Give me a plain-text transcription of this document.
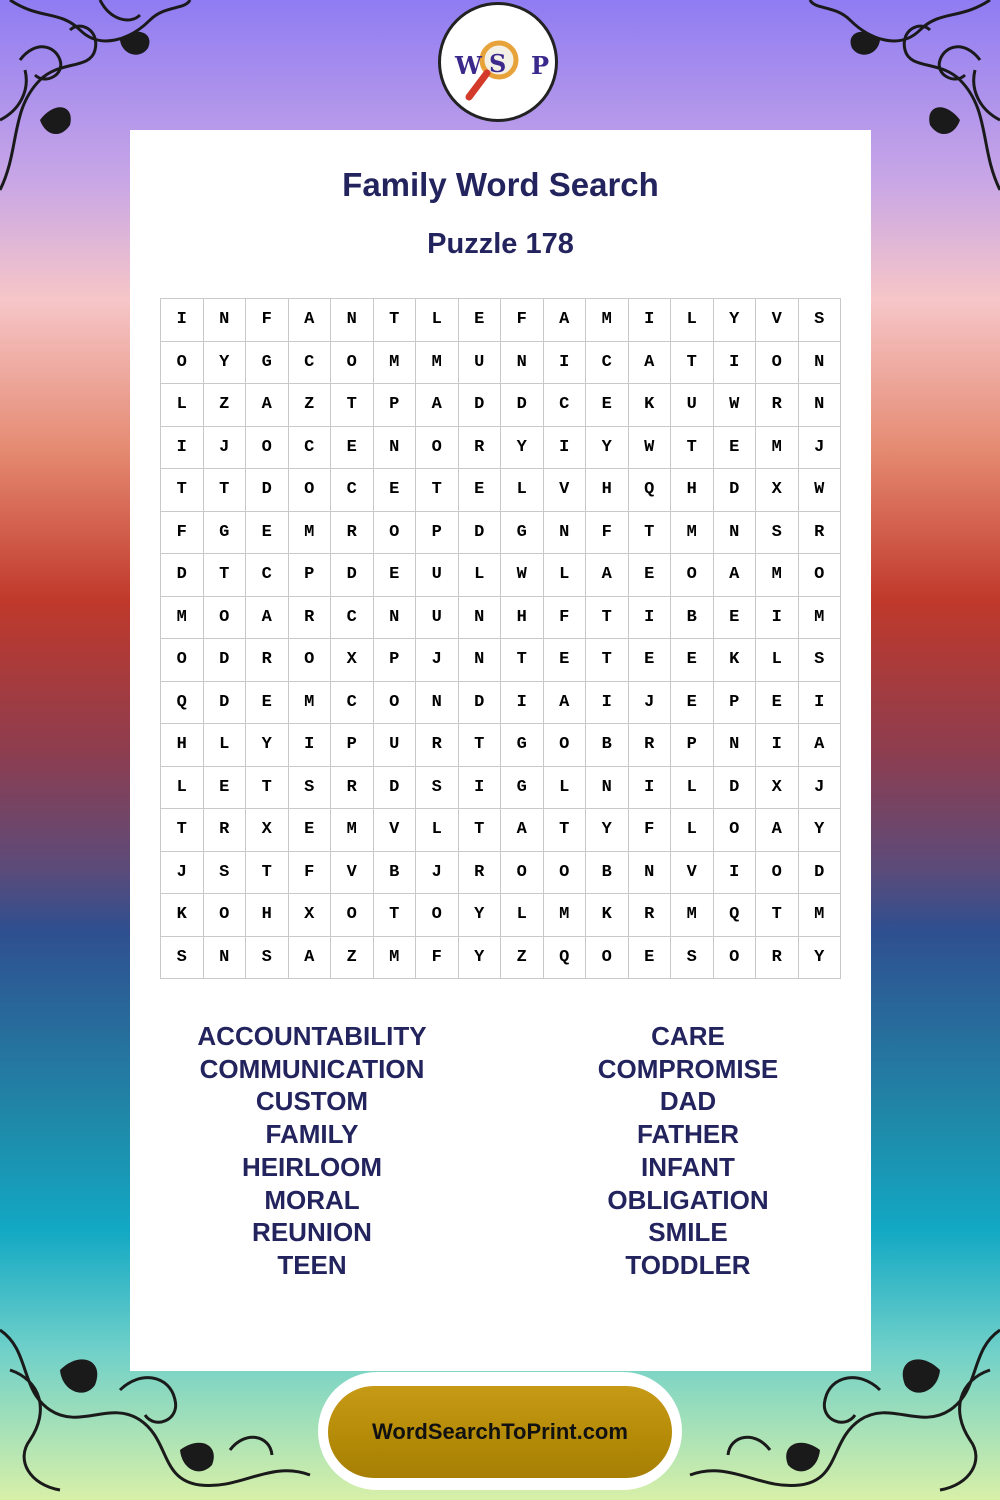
W S P
Family Word Search
Puzzle 178
I	N	F	A	N	T	L	E	F	A	M	I	L	Y	V	S
O	Y	G	C	O	M	M	U	N	I	C	A	T	I	O	N
L	Z	A	Z	T	P	A	D	D	C	E	K	U	W	R	N
I	J	O	C	E	N	O	R	Y	I	Y	W	T	E	M	J
T	T	D	O	C	E	T	E	L	V	H	Q	H	D	X	W
F	G	E	M	R	O	P	D	G	N	F	T	M	N	S	R
D	T	C	P	D	E	U	L	W	L	A	E	O	A	M	O
M	O	A	R	C	N	U	N	H	F	T	I	B	E	I	M
O	D	R	O	X	P	J	N	T	E	T	E	E	K	L	S
Q	D	E	M	C	O	N	D	I	A	I	J	E	P	E	I
H	L	Y	I	P	U	R	T	G	O	B	R	P	N	I	A
L	E	T	S	R	D	S	I	G	L	N	I	L	D	X	J
T	R	X	E	M	V	L	T	A	T	Y	F	L	O	A	Y
J	S	T	F	V	B	J	R	O	O	B	N	V	I	O	D
K	O	H	X	O	T	O	Y	L	M	K	R	M	Q	T	M
S	N	S	A	Z	M	F	Y	Z	Q	O	E	S	O	R	Y
ACCOUNTABILITY
COMMUNICATION
CUSTOM
FAMILY
HEIRLOOM
MORAL
REUNION
TEEN
CARE
COMPROMISE
DAD
FATHER
INFANT
OBLIGATION
SMILE
TODDLER
WordSearchToPrint.com
